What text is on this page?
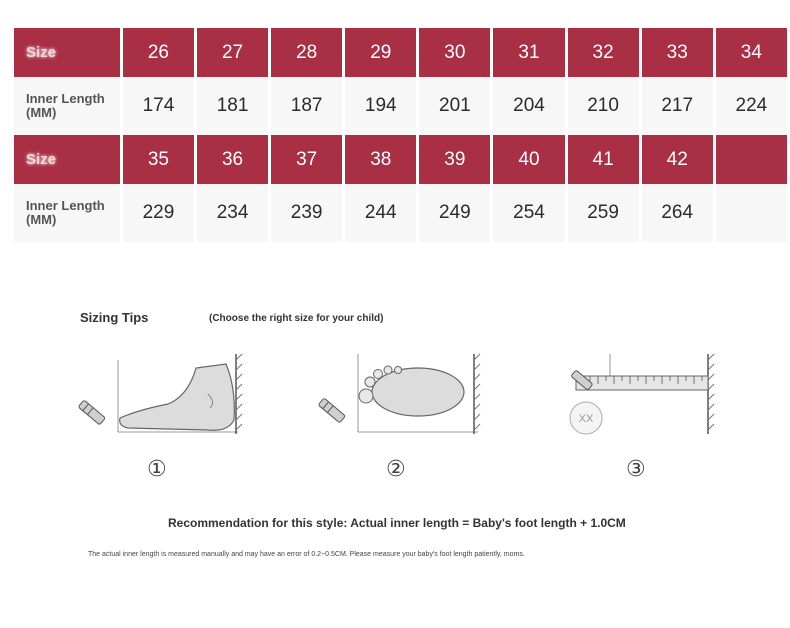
Size	26	27	28	29	30	31	32	33	34
Inner Length
(MM)	174	181	187	194	201	204	210	217	224
Size	35	36	37	38	39	40	41	42	
Inner Length
(MM)	229	234	239	244	249	254	259	264	
Sizing Tips	(Choose the right size for your child)
XX
①	②	③
Recommendation for this style: Actual inner length = Baby's foot length + 1.0CM
The actual inner length is measured manually and may have an error of 0.2~0.5CM. Please measure your baby's foot length patiently, moms.
